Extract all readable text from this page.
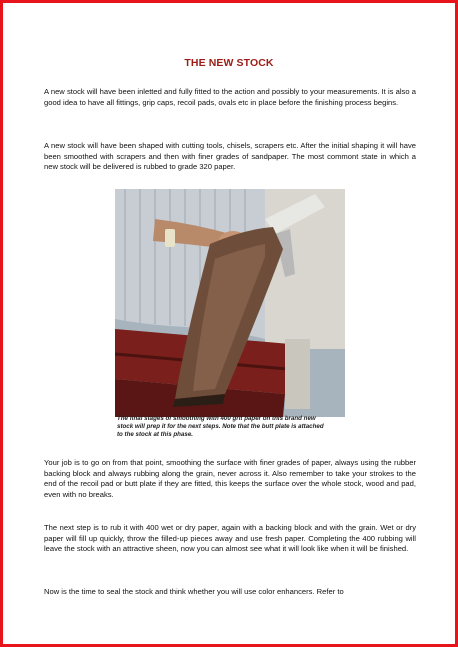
THE NEW STOCK
A new stock will have been inletted and fully fitted to the action and possibly to your measurements. It is also a good idea to have all fittings, grip caps, recoil pads, ovals etc in place before the finishing process begins.
A new stock will have been shaped with cutting tools, chisels, scrapers etc. After the initial shaping it will have been smoothed with scrapers and then with finer grades of sandpaper. The most commont state in which a new stock will be delivered is rubbed to grade 320 paper.
The final stages of smoothing with 400 grit paper on this brand new stock will prep it for the next steps. Note that the butt plate is attached to the stock at this phase.
Your job is to go on from that point, smoothing the surface with finer grades of paper, always using the rubber backing block and always rubbing along the grain, never across it. Also remember to take your strokes to the end of the recoil pad or butt plate if they are fitted, this keeps the surface over the whole stock, wood and pad, even with no breaks.
The next step is to rub it with 400 wet or dry paper, again with a backing block and with the grain. Wet or dry paper will fill up quickly, throw the filled-up pieces away and use fresh paper. Completing the 400 rubbing will leave the stock with an attractive sheen, now you can almost see what it will look like when it will be finished.
Now is the time to seal the stock and think whether you will use color enhancers. Refer to
